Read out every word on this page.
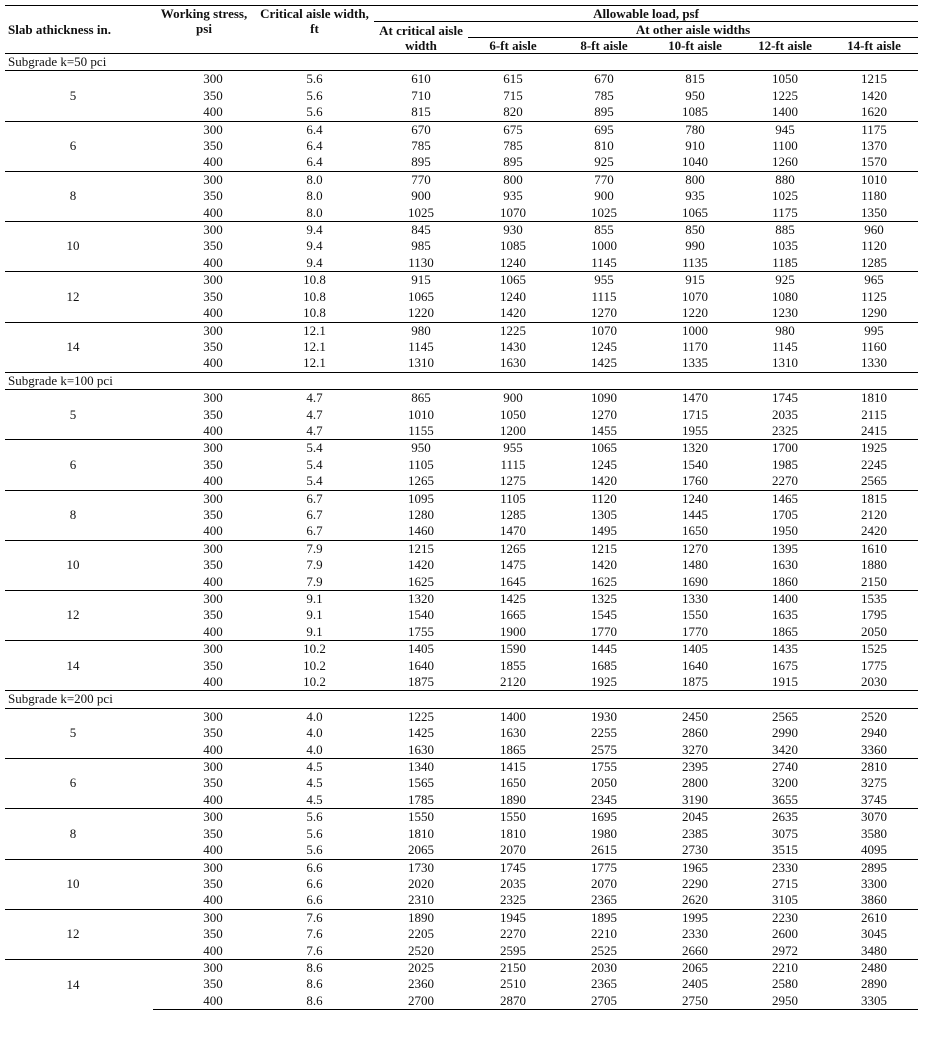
Slab athickness in.	Working stress, psi	Critical aisle width, ft	Allowable load, psf					
			At critical aisle width	At other aisle widths				
				6-ft aisle	8-ft aisle	10-ft aisle	12-ft aisle	14-ft aisle
Subgrade k=50 pci								
5	300	5.6	610	615	670	815	1050	1215
	350	5.6	710	715	785	950	1225	1420
	400	5.6	815	820	895	1085	1400	1620
6	300	6.4	670	675	695	780	945	1175
	350	6.4	785	785	810	910	1100	1370
	400	6.4	895	895	925	1040	1260	1570
8	300	8.0	770	800	770	800	880	1010
	350	8.0	900	935	900	935	1025	1180
	400	8.0	1025	1070	1025	1065	1175	1350
10	300	9.4	845	930	855	850	885	960
	350	9.4	985	1085	1000	990	1035	1120
	400	9.4	1130	1240	1145	1135	1185	1285
12	300	10.8	915	1065	955	915	925	965
	350	10.8	1065	1240	1115	1070	1080	1125
	400	10.8	1220	1420	1270	1220	1230	1290
14	300	12.1	980	1225	1070	1000	980	995
	350	12.1	1145	1430	1245	1170	1145	1160
	400	12.1	1310	1630	1425	1335	1310	1330
Subgrade k=100 pci								
5	300	4.7	865	900	1090	1470	1745	1810
	350	4.7	1010	1050	1270	1715	2035	2115
	400	4.7	1155	1200	1455	1955	2325	2415
6	300	5.4	950	955	1065	1320	1700	1925
	350	5.4	1105	1115	1245	1540	1985	2245
	400	5.4	1265	1275	1420	1760	2270	2565
8	300	6.7	1095	1105	1120	1240	1465	1815
	350	6.7	1280	1285	1305	1445	1705	2120
	400	6.7	1460	1470	1495	1650	1950	2420
10	300	7.9	1215	1265	1215	1270	1395	1610
	350	7.9	1420	1475	1420	1480	1630	1880
	400	7.9	1625	1645	1625	1690	1860	2150
12	300	9.1	1320	1425	1325	1330	1400	1535
	350	9.1	1540	1665	1545	1550	1635	1795
	400	9.1	1755	1900	1770	1770	1865	2050
14	300	10.2	1405	1590	1445	1405	1435	1525
	350	10.2	1640	1855	1685	1640	1675	1775
	400	10.2	1875	2120	1925	1875	1915	2030
Subgrade k=200 pci								
5	300	4.0	1225	1400	1930	2450	2565	2520
	350	4.0	1425	1630	2255	2860	2990	2940
	400	4.0	1630	1865	2575	3270	3420	3360
6	300	4.5	1340	1415	1755	2395	2740	2810
	350	4.5	1565	1650	2050	2800	3200	3275
	400	4.5	1785	1890	2345	3190	3655	3745
8	300	5.6	1550	1550	1695	2045	2635	3070
	350	5.6	1810	1810	1980	2385	3075	3580
	400	5.6	2065	2070	2615	2730	3515	4095
10	300	6.6	1730	1745	1775	1965	2330	2895
	350	6.6	2020	2035	2070	2290	2715	3300
	400	6.6	2310	2325	2365	2620	3105	3860
12	300	7.6	1890	1945	1895	1995	2230	2610
	350	7.6	2205	2270	2210	2330	2600	3045
	400	7.6	2520	2595	2525	2660	2972	3480
14	300	8.6	2025	2150	2030	2065	2210	2480
	350	8.6	2360	2510	2365	2405	2580	2890
	400	8.6	2700	2870	2705	2750	2950	3305
